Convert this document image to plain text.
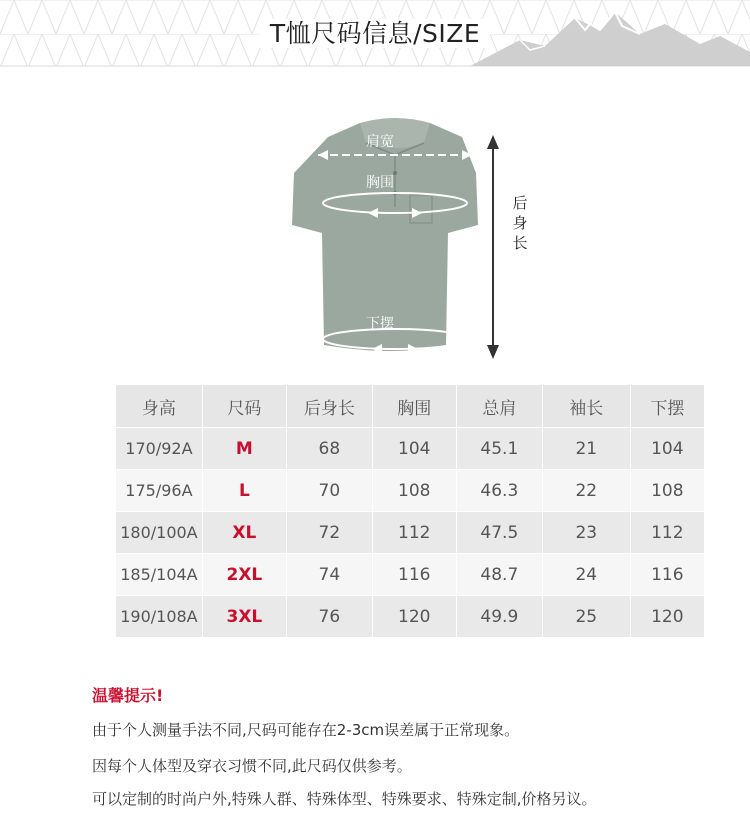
T恤尺码信息/SIZE
肩宽
胸围
下摆
后
身
长
身高	尺码	后身长	胸围	总肩	袖长	下摆
170/92A	M	68	104	45.1	21	104
175/96A	L	70	108	46.3	22	108
180/100A	XL	72	112	47.5	23	112
185/104A	2XL	74	116	48.7	24	116
190/108A	3XL	76	120	49.9	25	120
温馨提示!
由于个人测量手法不同,尺码可能存在2-3cm误差属于正常现象。
因每个人体型及穿衣习惯不同,此尺码仅供参考。
可以定制的时尚户外,特殊人群、特殊体型、特殊要求、特殊定制,价格另议。
